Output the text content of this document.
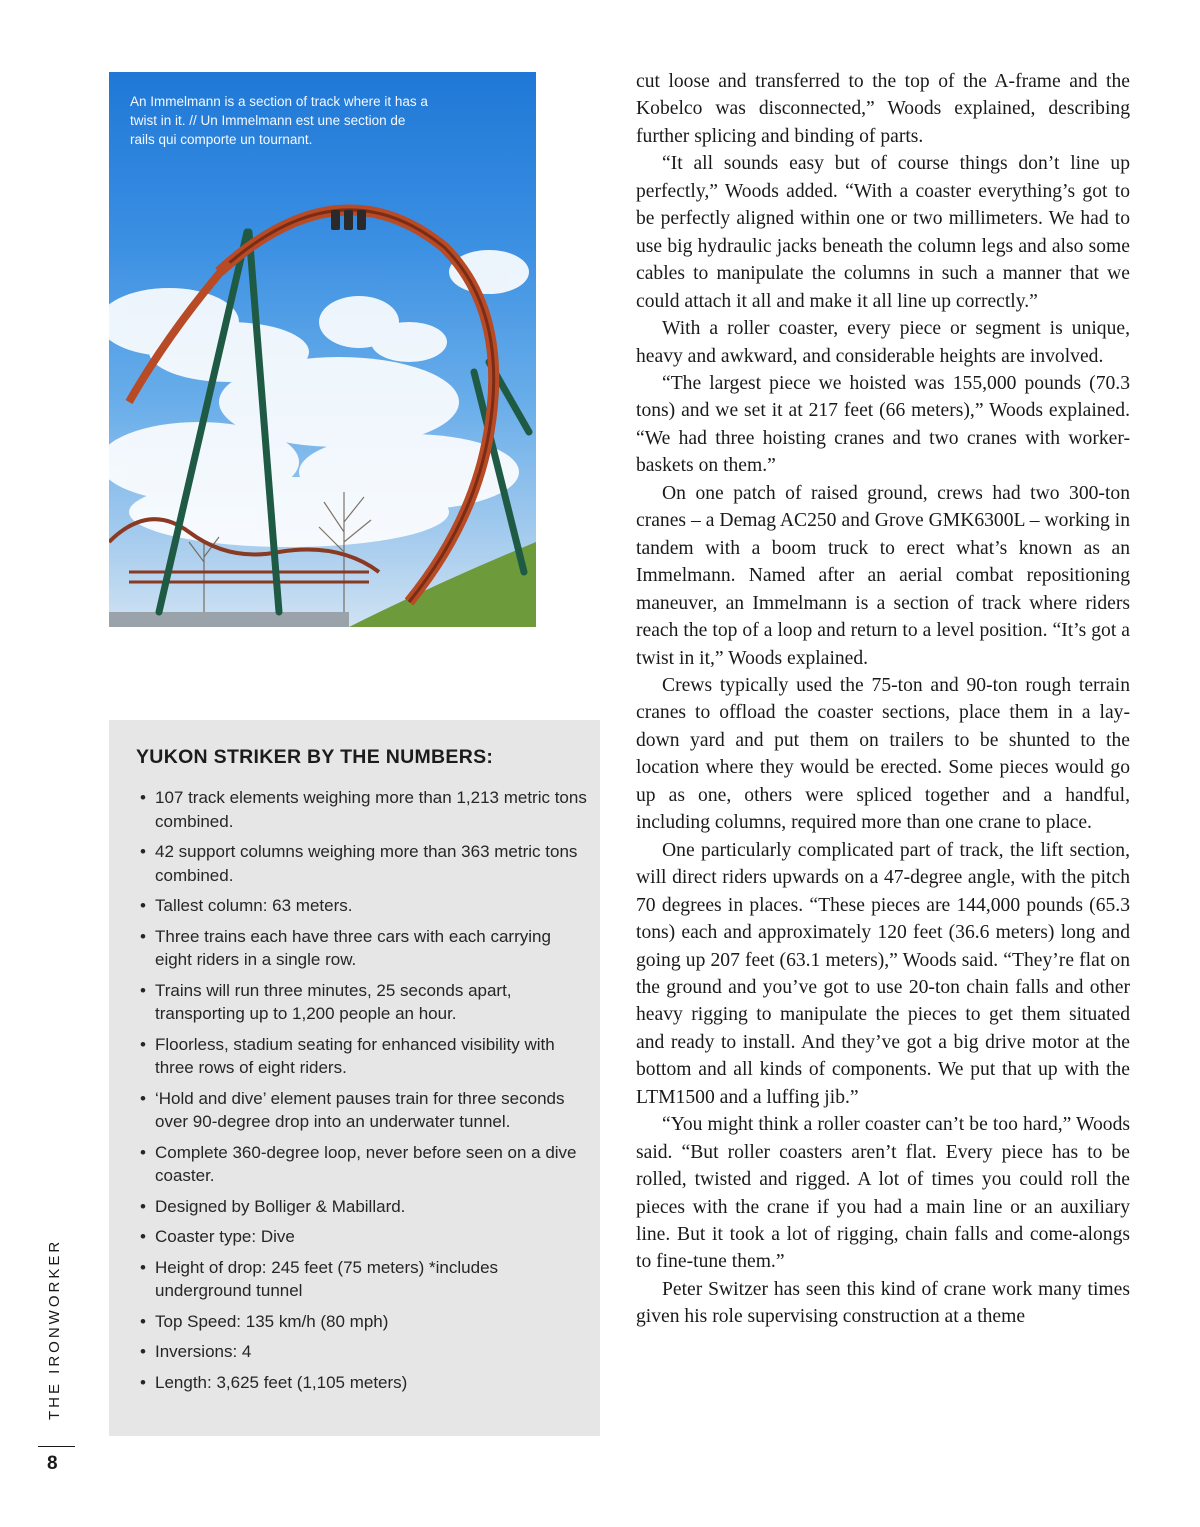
An Immelmann is a section of track where it has a twist in it. // Un Immelmann est une section de rails qui comporte un tournant.
YUKON STRIKER BY THE NUMBERS:
• 107 track elements weighing more than 1,213 metric tons combined.
• 42 support columns weighing more than 363 metric tons combined.
• Tallest column: 63 meters.
• Three trains each have three cars with each carrying eight riders in a single row.
• Trains will run three minutes, 25 seconds apart, transporting up to 1,200 people an hour.
• Floorless, stadium seating for enhanced visibility with three rows of eight riders.
• ‘Hold and dive’ element pauses train for three seconds over 90-degree drop into an underwater tunnel.
• Complete 360-degree loop, never before seen on a dive coaster.
• Designed by Bolliger & Mabillard.
• Coaster type: Dive
• Height of drop: 245 feet (75 meters) *includes underground tunnel
• Top Speed: 135 km/h (80 mph)
• Inversions: 4
• Length: 3,625 feet (1,105 meters)

cut loose and transferred to the top of the A-frame and the Kobelco was disconnected,” Woods explained, describing further splicing and binding of parts.

“It all sounds easy but of course things don’t line up perfectly,” Woods added. “With a coaster everything’s got to be perfectly aligned within one or two millimeters. We had to use big hydraulic jacks beneath the column legs and also some cables to manipulate the columns in such a manner that we could attach it all and make it all line up correctly.”

With a roller coaster, every piece or segment is unique, heavy and awkward, and considerable heights are involved.

“The largest piece we hoisted was 155,000 pounds (70.3 tons) and we set it at 217 feet (66 meters),” Woods explained. “We had three hoisting cranes and two cranes with worker-baskets on them.”

On one patch of raised ground, crews had two 300-ton cranes – a Demag AC250 and Grove GMK6300L – working in tandem with a boom truck to erect what’s known as an Immelmann. Named after an aerial combat repositioning maneuver, an Immelmann is a section of track where riders reach the top of a loop and return to a level position. “It’s got a twist in it,” Woods explained.

Crews typically used the 75-ton and 90-ton rough terrain cranes to offload the coaster sections, place them in a lay-down yard and put them on trailers to be shunted to the location where they would be erected. Some pieces would go up as one, others were spliced together and a handful, including columns, required more than one crane to place.

One particularly complicated part of track, the lift section, will direct riders upwards on a 47-degree angle, with the pitch 70 degrees in places. “These pieces are 144,000 pounds (65.3 tons) each and approximately 120 feet (36.6 meters) long and going up 207 feet (63.1 meters),” Woods said. “They’re flat on the ground and you’ve got to use 20-ton chain falls and other heavy rigging to manipulate the pieces to get them situated and ready to install. And they’ve got a big drive motor at the bottom and all kinds of components. We put that up with the LTM1500 and a luffing jib.”

“You might think a roller coaster can’t be too hard,” Woods said. “But roller coasters aren’t flat. Every piece has to be rolled, twisted and rigged. A lot of times you could roll the pieces with the crane if you had a main line or an auxiliary line. But it took a lot of rigging, chain falls and come-alongs to fine-tune them.”

Peter Switzer has seen this kind of crane work many times given his role supervising construction at a theme

THE IRONWORKER
8
